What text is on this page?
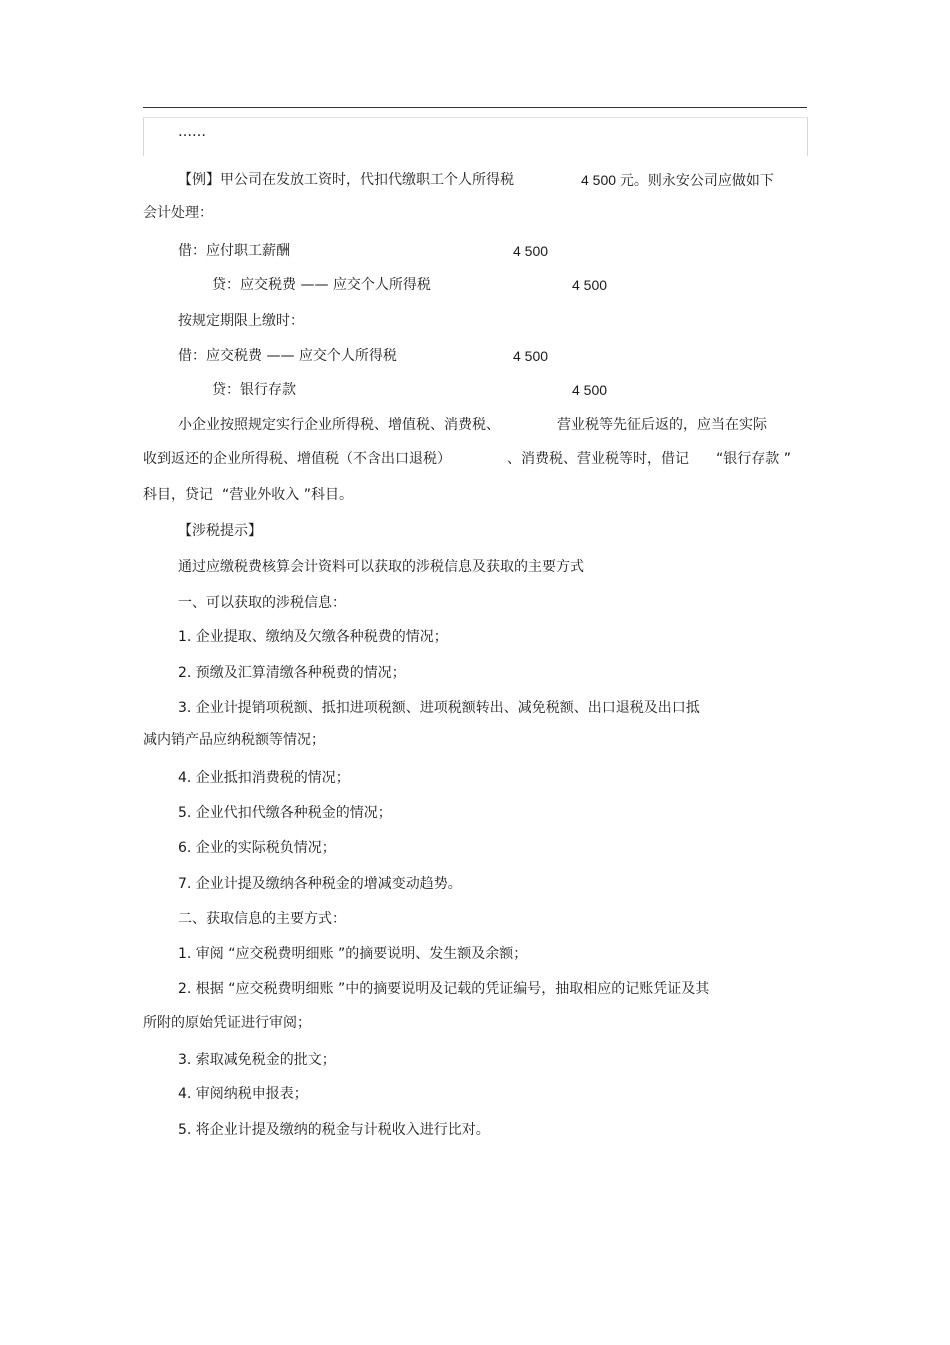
……
【例】甲公司在发放工资时，代扣代缴职工个人所得税	4 500 元。则永安公司应做如下
会计处理：
借：应付职工薪酬	4 500
贷：应交税费 —— 应交个人所得税	4 500
按规定期限上缴时：
借：应交税费 —— 应交个人所得税	4 500
贷：银行存款	4 500
小企业按照规定实行企业所得税、增值税、消费税、	营业税等先征后返的，应当在实际
收到返还的企业所得税、增值税（不含出口退税）	、消费税、营业税等时，借记 “银行存款 ”
科目，贷记 “营业外收入 ”科目。
【涉税提示】
通过应缴税费核算会计资料可以获取的涉税信息及获取的主要方式
一、可以获取的涉税信息：
1. 企业提取、缴纳及欠缴各种税费的情况；
2. 预缴及汇算清缴各种税费的情况；
3. 企业计提销项税额、抵扣进项税额、进项税额转出、减免税额、出口退税及出口抵
减内销产品应纳税额等情况；
4. 企业抵扣消费税的情况；
5. 企业代扣代缴各种税金的情况；
6. 企业的实际税负情况；
7. 企业计提及缴纳各种税金的增减变动趋势。
二、获取信息的主要方式：
1. 审阅 “应交税费明细账 ”的摘要说明、发生额及余额；
2. 根据 “应交税费明细账 ”中的摘要说明及记载的凭证编号，抽取相应的记账凭证及其
所附的原始凭证进行审阅；
3. 索取减免税金的批文；
4. 审阅纳税申报表；
5. 将企业计提及缴纳的税金与计税收入进行比对。
